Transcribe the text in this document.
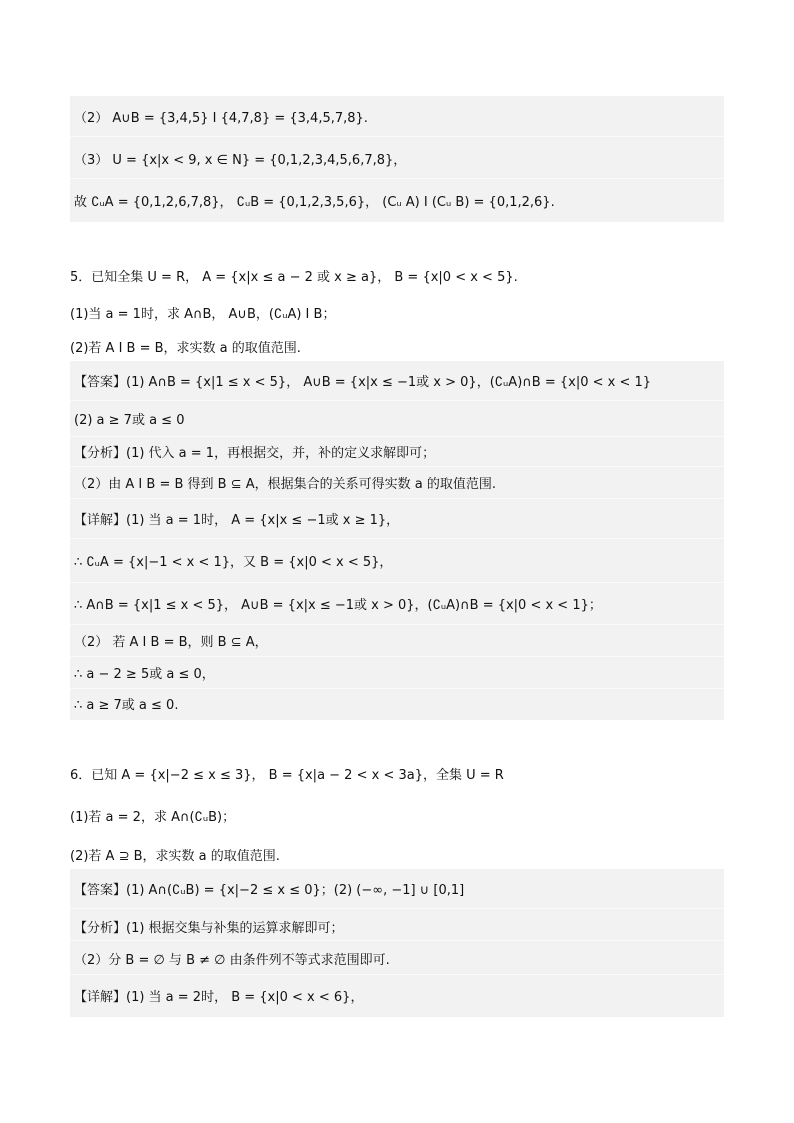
（2） A∪B = {3,4,5} I {4,7,8} = {3,4,5,7,8}.
（3） U = {x|x < 9, x ∈ N} = {0,1,2,3,4,5,6,7,8}，
故 ∁ᵤA = {0,1,2,6,7,8}， ∁ᵤB = {0,1,2,3,5,6}， (Cᵤ A) I (Cᵤ B) = {0,1,2,6}.
5．已知全集 U = R， A = {x|x ≤ a − 2 或 x ≥ a}， B = {x|0 < x < 5}.
(1)当 a = 1时，求 A∩B， A∪B，(∁ᵤA) I B；
(2)若 A I B = B，求实数 a 的取值范围.
【答案】(1) A∩B = {x|1 ≤ x < 5}， A∪B = {x|x ≤ −1或 x > 0}，(∁ᵤA)∩B = {x|0 < x < 1}
(2) a ≥ 7或 a ≤ 0
【分析】(1) 代入 a = 1，再根据交，并，补的定义求解即可；
（2）由 A I B = B 得到 B ⊆ A，根据集合的关系可得实数 a 的取值范围.
【详解】(1) 当 a = 1时， A = {x|x ≤ −1或 x ≥ 1}，
∴ ∁ᵤA = {x|−1 < x < 1}，又 B = {x|0 < x < 5}，
∴ A∩B = {x|1 ≤ x < 5}， A∪B = {x|x ≤ −1或 x > 0}，(∁ᵤA)∩B = {x|0 < x < 1}；
（2） 若 A I B = B，则 B ⊆ A，
∴ a − 2 ≥ 5或 a ≤ 0，
∴ a ≥ 7或 a ≤ 0.
6．已知 A = {x|−2 ≤ x ≤ 3}， B = {x|a − 2 < x < 3a}，全集 U = R
(1)若 a = 2，求 A∩(∁ᵤB)；
(2)若 A ⊇ B，求实数 a 的取值范围.
【答案】(1) A∩(∁ᵤB) = {x|−2 ≤ x ≤ 0}；(2) (−∞, −1] ∪ [0,1]
【分析】(1) 根据交集与补集的运算求解即可；
（2）分 B = ∅ 与 B ≠ ∅ 由条件列不等式求范围即可.
【详解】(1) 当 a = 2时， B = {x|0 < x < 6}，
